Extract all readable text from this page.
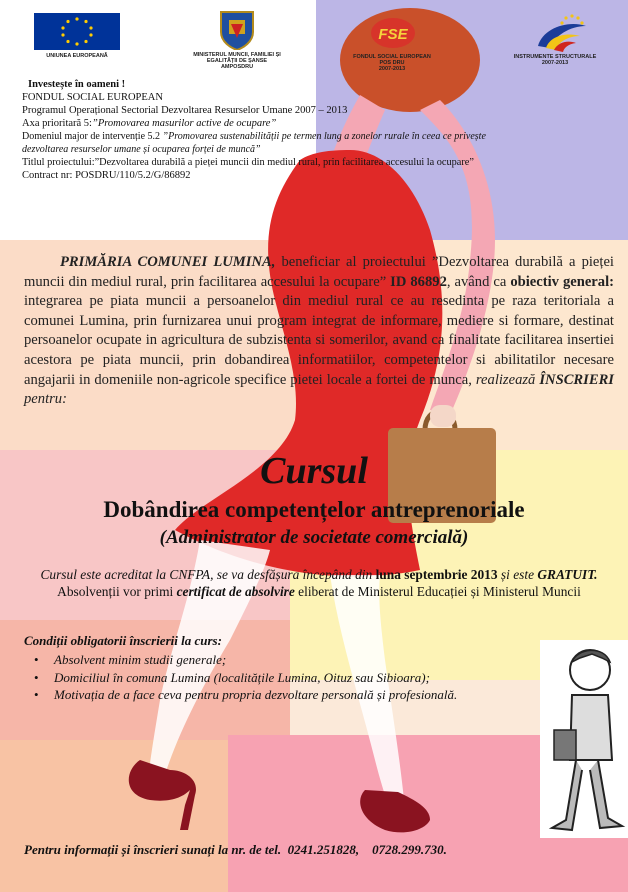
UNIUNEA EUROPEANĂ	MINISTERUL MUNCII, FAMILIEI ȘI
EGALITĂȚII DE ȘANSE
AMPOSDRU
FSE
FONDUL SOCIAL EUROPEAN
POS DRU
2007-2013
INSTRUMENTE STRUCTURALE
2007-2013
Investește în oameni !
FONDUL SOCIAL EUROPEAN
Programul Operațional Sectorial Dezvoltarea Resurselor Umane 2007 – 2013
Axa prioritară 5:”Promovarea masurilor active de ocupare”
Domeniul major de intervenție 5.2 ”Promovarea sustenabilității pe termen lung a zonelor rurale în ceea ce privește
dezvoltarea resurselor umane și ocuparea forței de muncă”
Titlul proiectului:”Dezvoltarea durabilă a pieței muncii din mediul rural, prin facilitarea accesului la ocupare”
Contract nr: POSDRU/110/5.2/G/86892

PRIMĂRIA COMUNEI LUMINA, beneficiar al proiectului ”Dezvoltarea durabilă a pieței muncii din mediul rural, prin facilitarea accesului la ocupare” ID 86892, având ca obiectiv general: integrarea pe piata muncii a persoanelor din mediul rural ce au resedinta pe raza teritoriala a comunei Lumina, prin furnizarea unui program integrat de informare, mediere si formare, destinat persoanelor ocupate in agricultura de subzistenta si somerilor, avand ca finalitate facilitarea insertiei acestora pe piata muncii, prin dobandirea informatiilor, competentelor si abilitatilor necesare angajarii in domeniile non-agricole specifice pietei locale a fortei de munca, realizează ÎNSCRIERI pentru:

Cursul
Dobândirea competențelor antreprenoriale
(Administrator de societate comercială)
Cursul este acreditat la CNFPA, se va desfășura începând din luna septembrie 2013 și este GRATUIT. Absolvenții vor primi certificat de absolvire eliberat de Ministerul Educației și Ministerul Muncii
Condiții obligatorii înscrierii la curs:
• Absolvent minim studii generale;
• Domiciliul în comuna Lumina (localitățile Lumina, Oituz sau Sibioara);
• Motivația de a face ceva pentru propria dezvoltare personală și profesională.
Pentru informații și înscrieri sunați la nr. de tel. 0241.251828, 0728.299.730.
